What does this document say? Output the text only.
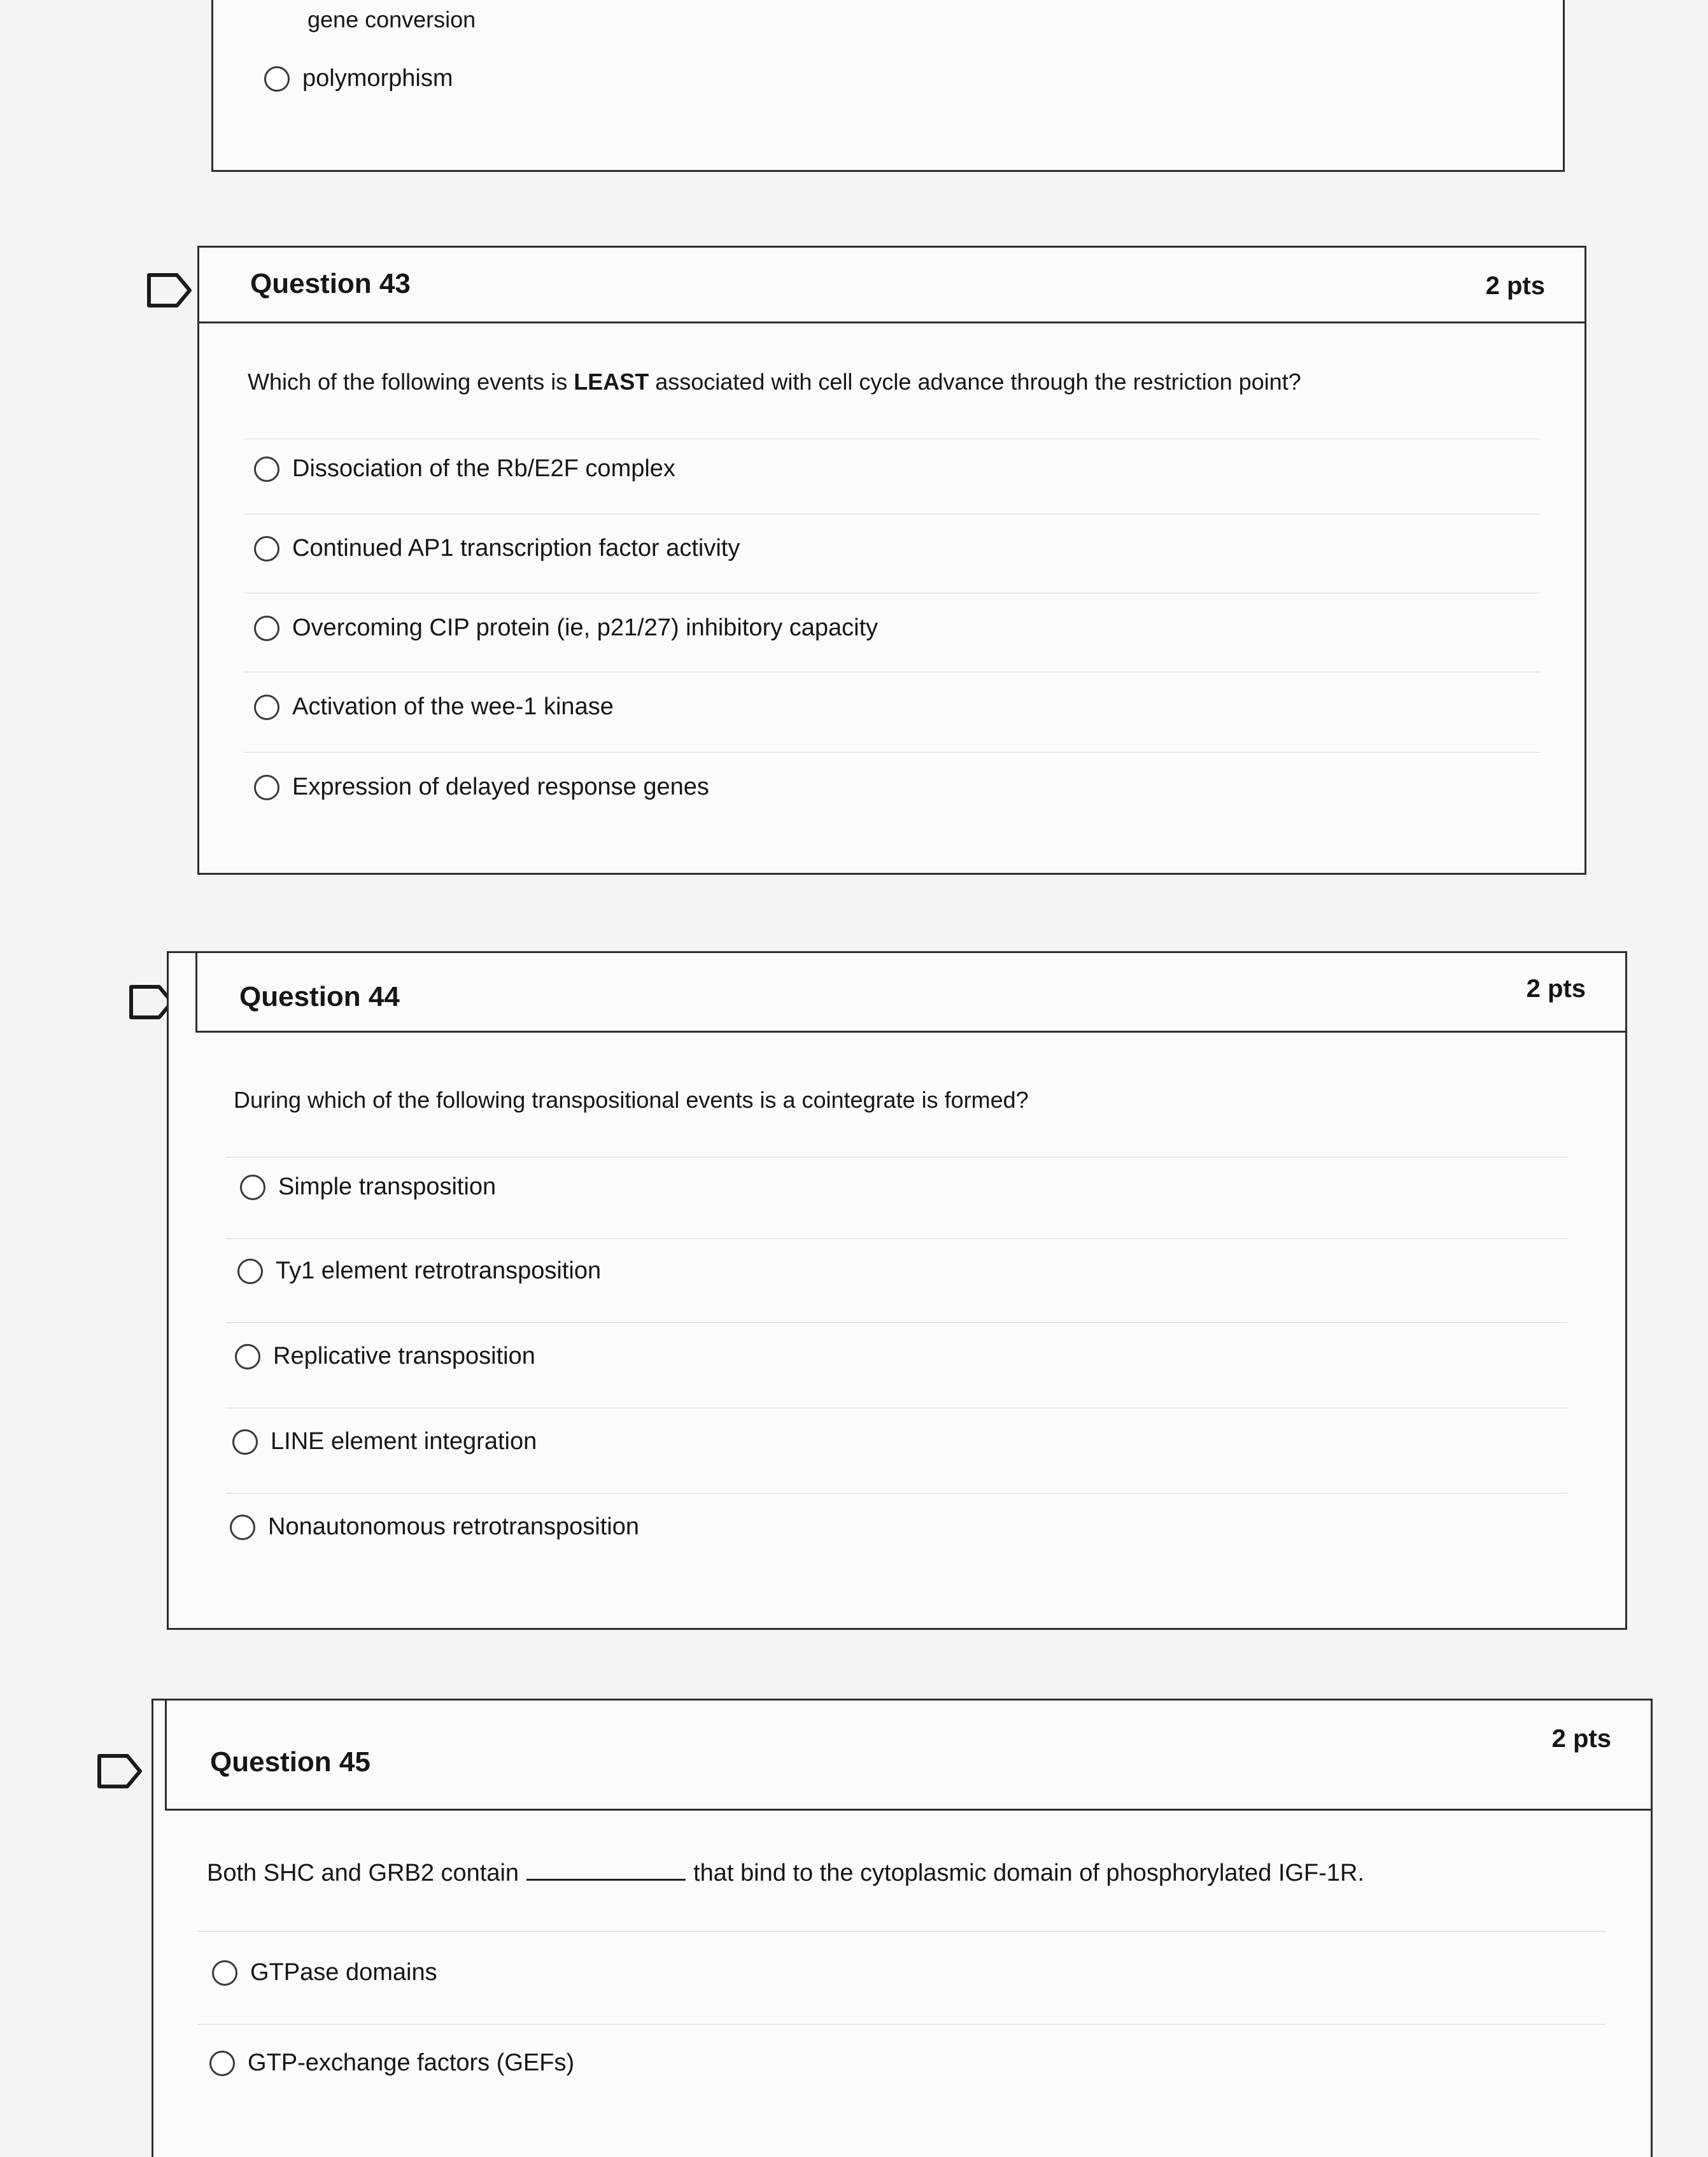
gene conversion
polymorphism
Question 43	2 pts
Which of the following events is LEAST associated with cell cycle advance through the restriction point?
Dissociation of the Rb/E2F complex
Continued AP1 transcription factor activity
Overcoming CIP protein (ie, p21/27) inhibitory capacity
Activation of the wee-1 kinase
Expression of delayed response genes
Question 44	2 pts
During which of the following transpositional events is a cointegrate is formed?
Simple transposition
Ty1 element retrotransposition
Replicative transposition
LINE element integration
Nonautonomous retrotransposition
Question 45
2 pts
Both SHC and GRB2 contain	that bind to the cytoplasmic domain of phosphorylated IGF-1R.
GTPase domains
GTP-exchange factors (GEFs)
